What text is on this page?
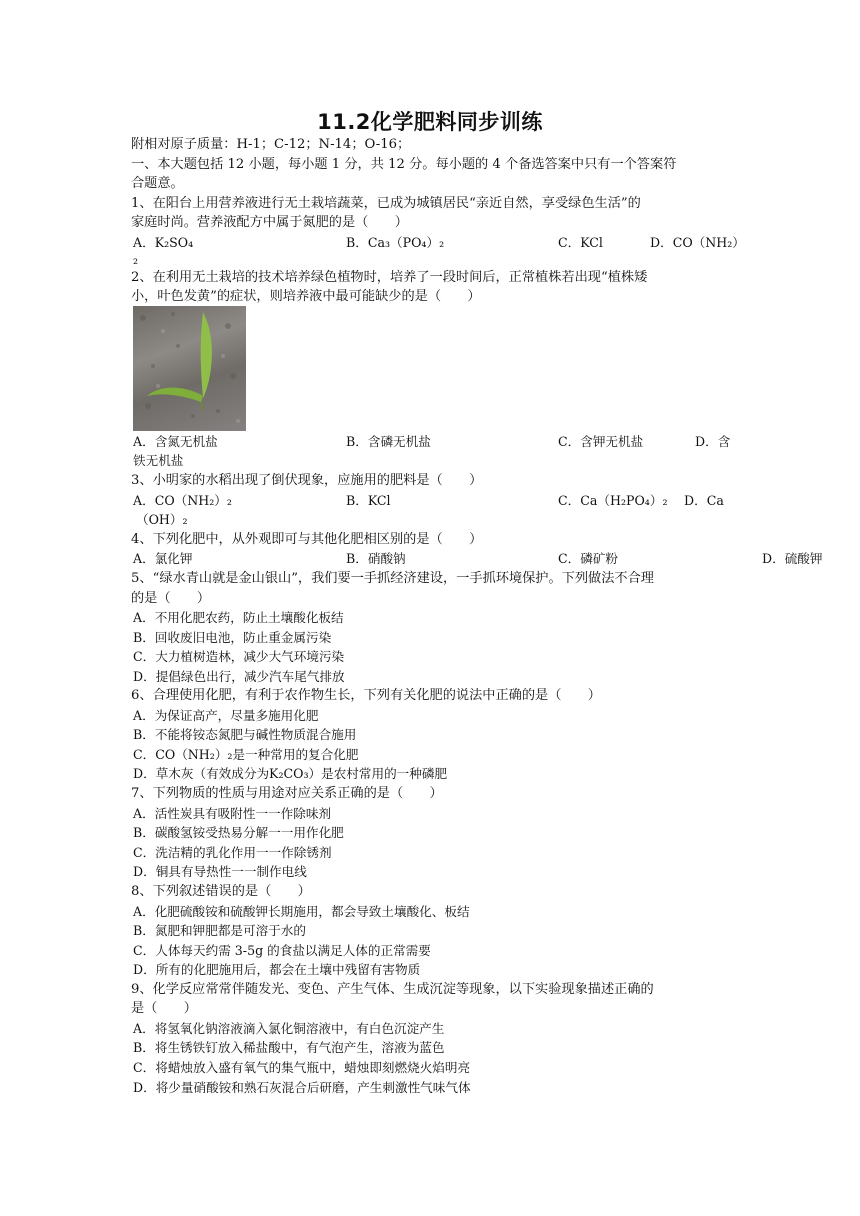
11.2化学肥料同步训练
附相对原子质量：H-1；C-12；N-14；O-16；
一、本大题包括 12 小题，每小题 1 分，共 12 分。每小题的 4 个备选答案中只有一个答案符
合题意。
1、在阳台上用营养液进行无土栽培蔬菜，已成为城镇居民“亲近自然，享受绿色生活”的
家庭时尚。营养液配方中属于氮肥的是（　　）
A．K₂SO₄	B．Ca₃（PO₄）₂	C．KCl	D．CO（NH₂）
₂
2、在利用无土栽培的技术培养绿色植物时，培养了一段时间后，正常植株若出现“植株矮
小，叶色发黄”的症状，则培养液中最可能缺少的是（　　）
A．含氮无机盐	B．含磷无机盐	C．含钾无机盐	D．含
铁无机盐
3、小明家的水稻出现了倒伏现象，应施用的肥料是（　　）
A．CO（NH₂）₂	B．KCl	C．Ca（H₂PO₄）₂ D．Ca
（OH）₂
4、下列化肥中，从外观即可与其他化肥相区别的是（　　）
A．氯化钾	B．硝酸钠	C．磷矿粉	D．硫酸钾
5、“绿水青山就是金山银山”，我们要一手抓经济建设，一手抓环境保护。下列做法不合理
的是（　　）
A．不用化肥农药，防止土壤酸化板结
B．回收废旧电池，防止重金属污染
C．大力植树造林，减少大气环境污染
D．提倡绿色出行，减少汽车尾气排放
6、合理使用化肥，有利于农作物生长，下列有关化肥的说法中正确的是（　　）
A．为保证高产，尽量多施用化肥
B．不能将铵态氮肥与碱性物质混合施用
C．CO（NH₂）₂是一种常用的复合化肥
D．草木灰（有效成分为K₂CO₃）是农村常用的一种磷肥
7、下列物质的性质与用途对应关系正确的是（　　）
A．活性炭具有吸附性一一作除味剂
B．碳酸氢铵受热易分解一一用作化肥
C．洗洁精的乳化作用一一作除锈剂
D．铜具有导热性一一制作电线
8、下列叙述错误的是（　　）
A．化肥硫酸铵和硫酸钾长期施用，都会导致土壤酸化、板结
B．氮肥和钾肥都是可溶于水的
C．人体每天约需 3-5g 的食盐以满足人体的正常需要
D．所有的化肥施用后，都会在土壤中残留有害物质
9、化学反应常常伴随发光、变色、产生气体、生成沉淀等现象，以下实验现象描述正确的
是（　　）
A．将氢氧化钠溶液滴入氯化铜溶液中，有白色沉淀产生
B．将生锈铁钉放入稀盐酸中，有气泡产生，溶液为蓝色
C．将蜡烛放入盛有氧气的集气瓶中，蜡烛即刻燃烧火焰明亮
D．将少量硝酸铵和熟石灰混合后研磨，产生刺激性气味气体
